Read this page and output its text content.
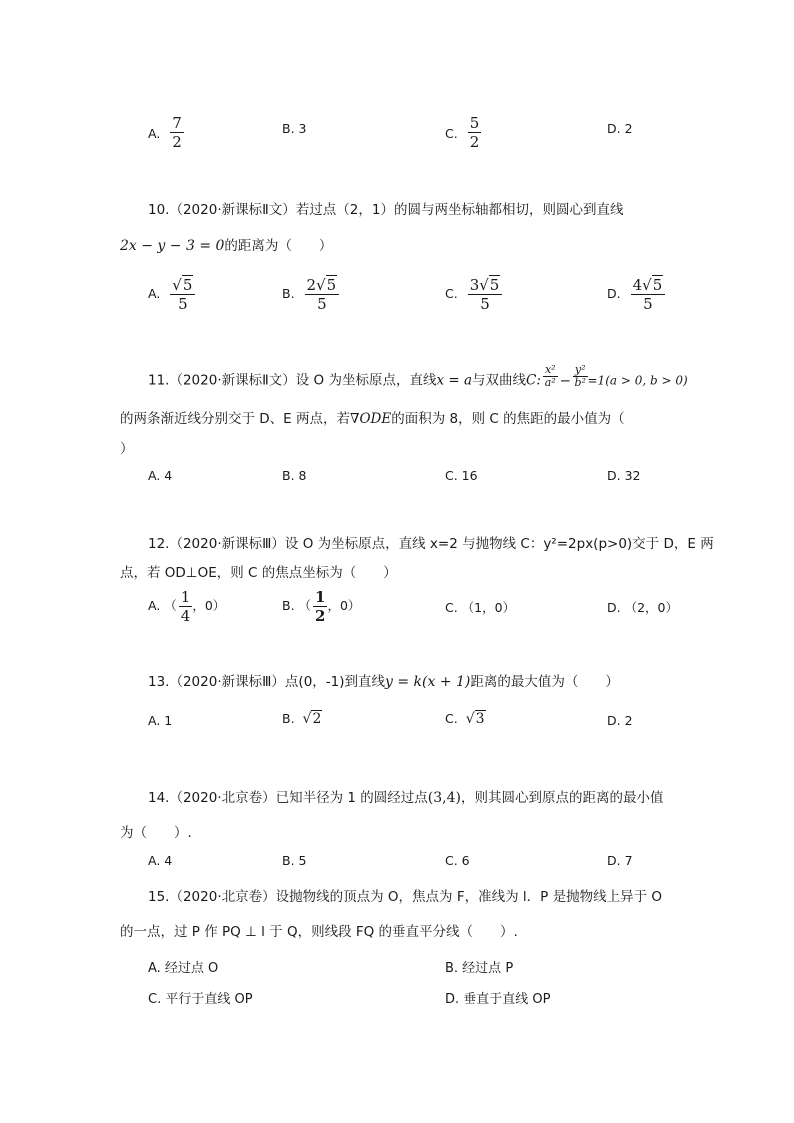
A. $\frac{7}{2}$	B. 3	C. $\frac{5}{2}$	D. 2
10.（2020·新课标Ⅱ文）若过点（2，1）的圆与两坐标轴都相切，则圆心到直线
2x − y − 3 = 0的距离为（　　）
A. $\frac{√5}{5}$	B. $\frac{2√5}{5}$	C. $\frac{3√5}{5}$	D. $\frac{4√5}{5}$
11.（2020·新课标Ⅱ文）设 O 为坐标原点，直线x = a与双曲线C: $\frac{\text{x²}}{\text{a²}} - \frac{\text{y²}}{\text{b²}} =1(a > 0$, b > 0)
的两条渐近线分别交于 D、E 两点，若∇ODE的面积为 8，则 C 的焦距的最小值为（
）
A. 4	B. 8	C. 16	D. 32
12.（2020·新课标Ⅲ）设 O 为坐标原点，直线 x=2 与抛物线 C：y²=2px(p>0)交于 D，E 两
点，若 OD⊥OE，则 C 的焦点坐标为（　　）
A. （ $\frac{1}{4}$ ，0）	B. （ $\frac{1}{2}$ ，0）	C. （1，0）	D. （2，0）
13.（2020·新课标Ⅲ）点(0，-1)到直线y = k(x + 1)距离的最大值为（　　）
A. 1	B. √2	C. √3	D. 2
14.（2020·北京卷）已知半径为 1 的圆经过点(3,4)，则其圆心到原点的距离的最小值
为（　　）.
A. 4	B. 5	C. 6	D. 7
15.（2020·北京卷）设抛物线的顶点为 O，焦点为 F，准线为 l．P 是抛物线上异于 O
的一点，过 P 作 PQ ⊥ l 于 Q，则线段 FQ 的垂直平分线（　　）.
A. 经过点 O	B. 经过点 P
C. 平行于直线 OP	D. 垂直于直线 OP
